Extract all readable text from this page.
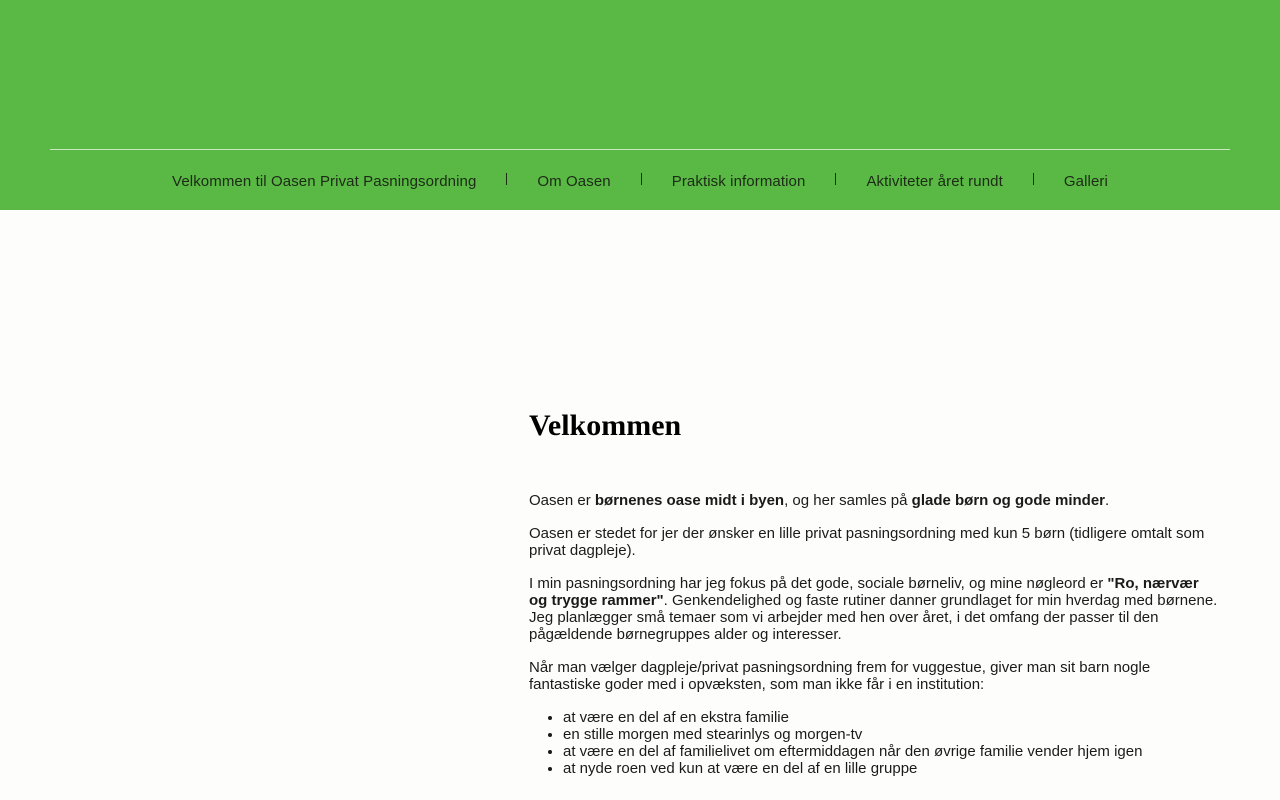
Velkommen til Oasen Privat Pasningsordning	Om Oasen	Praktisk information	Aktiviteter året rundt	Galleri
Velkommen

Oasen er børnenes oase midt i byen, og her samles på glade børn og gode minder.

Oasen er stedet for jer der ønsker en lille privat pasningsordning med kun 5 børn (tidligere omtalt som privat dagpleje).

I min pasningsordning har jeg fokus på det gode, sociale børneliv, og mine nøgleord er "Ro, nærvær og trygge rammer". Genkendelighed og faste rutiner danner grundlaget for min hverdag med børnene. Jeg planlægger små temaer som vi arbejder med hen over året, i det omfang der passer til den pågældende børnegruppes alder og interesser.

Når man vælger dagpleje/privat pasningsordning frem for vuggestue, giver man sit barn nogle fantastiske goder med i opvæksten, som man ikke får i en institution:

• at være en del af en ekstra familie
• en stille morgen med stearinlys og morgen-tv
• at være en del af familielivet om eftermiddagen når den øvrige familie vender hjem igen
• at nyde roen ved kun at være en del af en lille gruppe
